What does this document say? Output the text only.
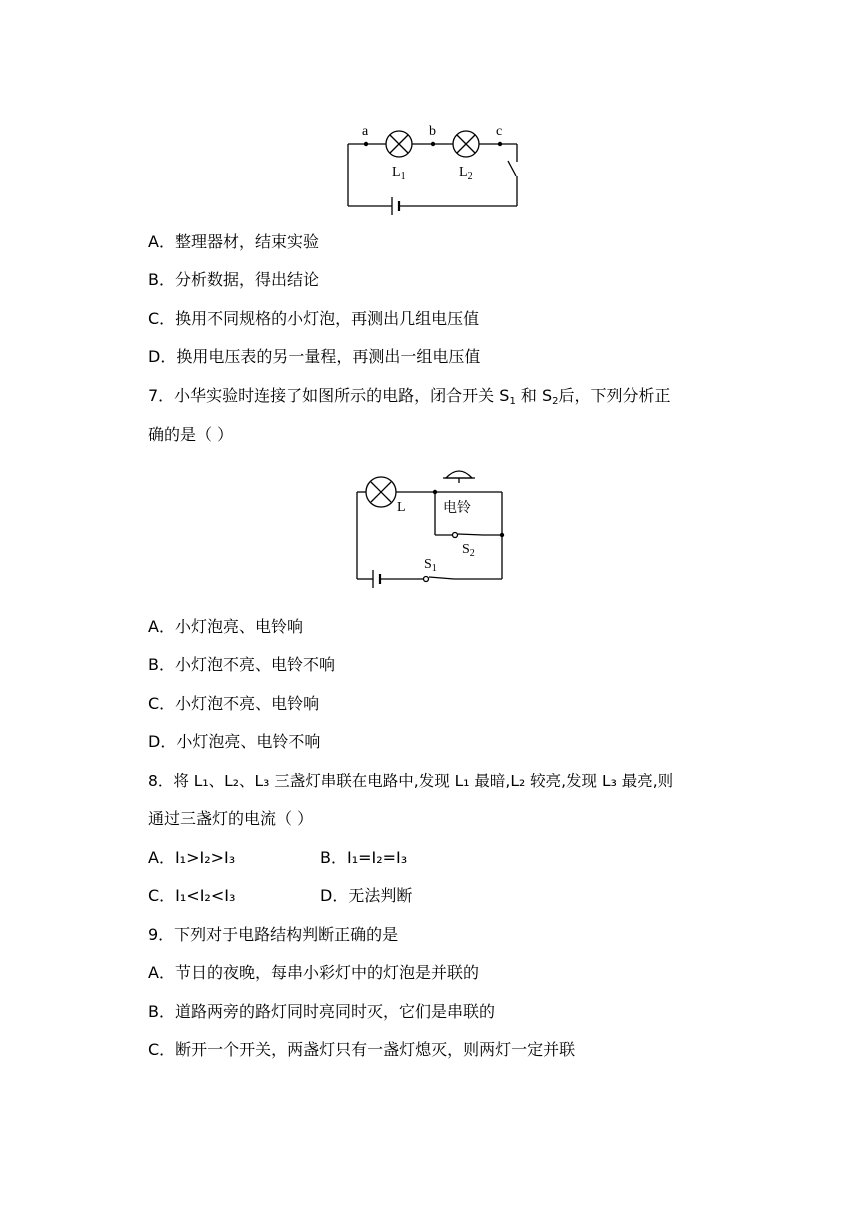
a	b	c
$L_1$	$L_2$
A．整理器材，结束实验
B．分析数据，得出结论
C．换用不同规格的小灯泡，再测出几组电压值
D．换用电压表的另一量程，再测出一组电压值
7．小华实验时连接了如图所示的电路，闭合开关 $S_1$ 和 $S_2$后，下列分析正
确的是（ ）
L	电铃
$S_2$
$S_1$
A．小灯泡亮、电铃响
B．小灯泡不亮、电铃不响
C．小灯泡不亮、电铃响
D．小灯泡亮、电铃不响
8．将 L₁、L₂、L₃ 三盏灯串联在电路中,发现 L₁ 最暗,L₂ 较亮,发现 L₃ 最亮,则
通过三盏灯的电流（ ）
A．I₁>I₂>I₃	B．I₁=I₂=I₃
C．I₁<I₂<I₃	D．无法判断
9．下列对于电路结构判断正确的是
A．节日的夜晚，每串小彩灯中的灯泡是并联的
B．道路两旁的路灯同时亮同时灭，它们是串联的
C．断开一个开关，两盏灯只有一盏灯熄灭，则两灯一定并联
